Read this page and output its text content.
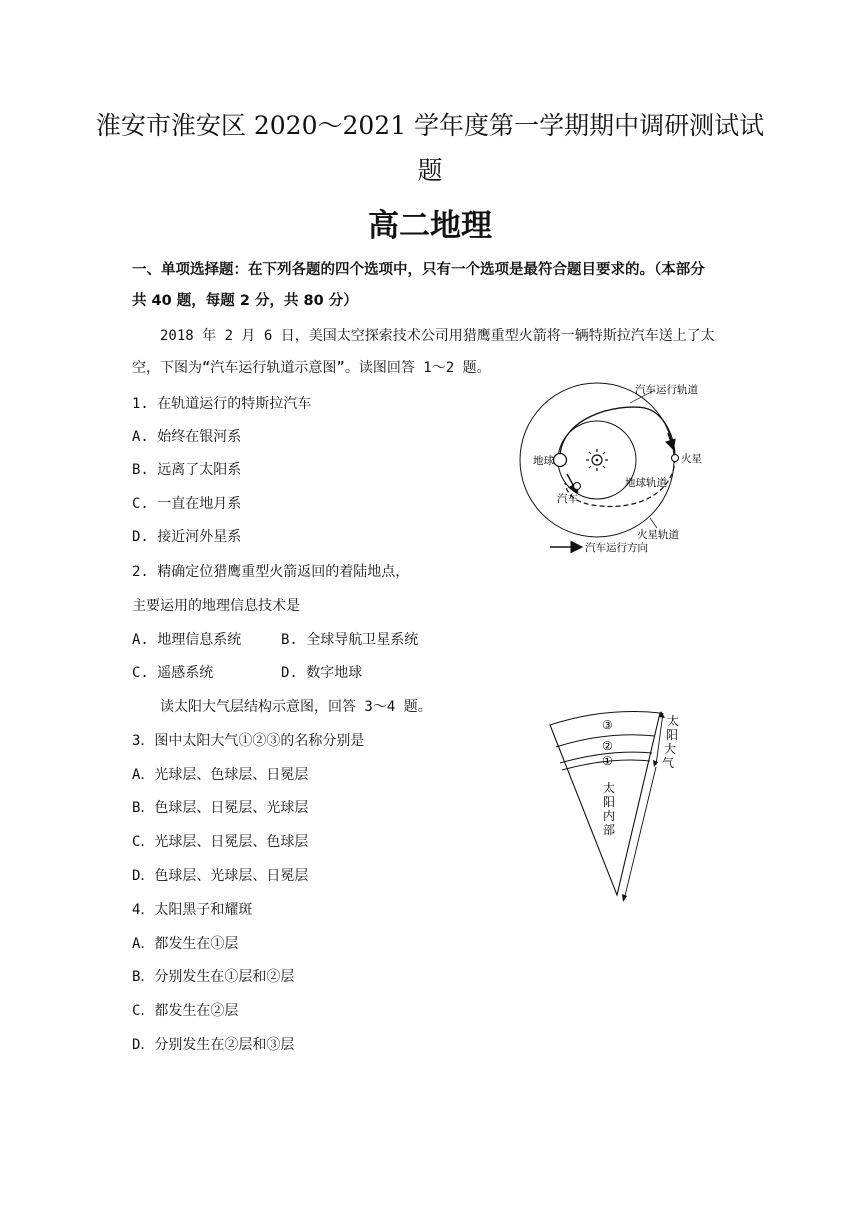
淮安市淮安区 2020～2021 学年度第一学期期中调研测试试
题
高二地理
一、单项选择题：在下列各题的四个选项中，只有一个选项是最符合题目要求的。（本部分
共 40 题，每题 2 分，共 80 分）
2018 年 2 月 6 日，美国太空探索技术公司用猎鹰重型火箭将一辆特斯拉汽车送上了太
空，下图为“汽车运行轨道示意图”。读图回答 1～2 题。
1. 在轨道运行的特斯拉汽车
A. 始终在银河系
B. 远离了太阳系
C. 一直在地月系
D. 接近河外星系
2. 精确定位猎鹰重型火箭返回的着陆地点，
主要运用的地理信息技术是
A. 地理信息系统	B. 全球导航卫星系统
C. 遥感系统	D. 数字地球
读太阳大气层结构示意图，回答 3～4 题。
3．图中太阳大气①②③的名称分别是
A．光球层、色球层、日冕层
B．色球层、日冕层、光球层
C．光球层、日冕层、色球层
D．色球层、光球层、日冕层
4．太阳黑子和耀斑
A．都发生在①层
B．分别发生在①层和②层
C．都发生在②层
D．分别发生在②层和③层
汽车运行轨道
地球	火星
地球轨道
汽车
火星轨道
汽车运行方向
③
②
①
太
阳
大
气
太
阳
内
部
